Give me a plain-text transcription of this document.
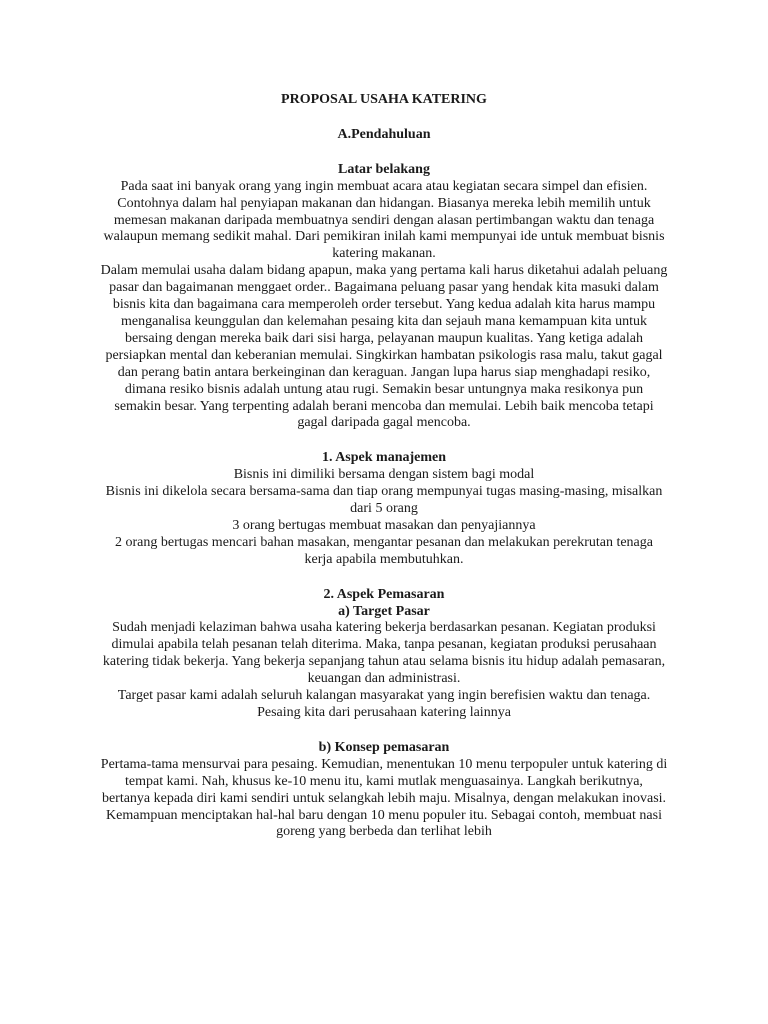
PROPOSAL USAHA KATERING

A.Pendahuluan

Latar belakang

Pada saat ini banyak orang yang ingin membuat acara atau kegiatan secara simpel dan efisien. Contohnya dalam hal penyiapan makanan dan hidangan. Biasanya mereka lebih memilih untuk memesan makanan daripada membuatnya sendiri dengan alasan pertimbangan waktu dan tenaga walaupun memang sedikit mahal. Dari pemikiran inilah kami mempunyai ide untuk membuat bisnis katering makanan.

Dalam memulai usaha dalam bidang apapun, maka yang pertama kali harus diketahui adalah peluang pasar dan bagaimanan menggaet order.. Bagaimana peluang pasar yang hendak kita masuki dalam bisnis kita dan bagaimana cara memperoleh order tersebut. Yang kedua adalah kita harus mampu menganalisa keunggulan dan kelemahan pesaing kita dan sejauh mana kemampuan kita untuk bersaing dengan mereka baik dari sisi harga, pelayanan maupun kualitas. Yang ketiga adalah persiapkan mental dan keberanian memulai. Singkirkan hambatan psikologis rasa malu, takut gagal dan perang batin antara berkeinginan dan keraguan. Jangan lupa harus siap menghadapi resiko, dimana resiko bisnis adalah untung atau rugi. Semakin besar untungnya maka resikonya pun semakin besar. Yang terpenting adalah berani mencoba dan memulai. Lebih baik mencoba tetapi gagal daripada gagal mencoba.

1. Aspek manajemen

Bisnis ini dimiliki bersama dengan sistem bagi modal

Bisnis ini dikelola secara bersama-sama dan tiap orang mempunyai tugas masing-masing, misalkan dari 5 orang

3 orang bertugas membuat masakan dan penyajiannya

2 orang bertugas mencari bahan masakan, mengantar pesanan dan melakukan perekrutan tenaga kerja apabila membutuhkan.

2. Aspek Pemasaran

a) Target Pasar

Sudah menjadi kelaziman bahwa usaha katering bekerja berdasarkan pesanan. Kegiatan produksi dimulai apabila telah pesanan telah diterima. Maka, tanpa pesanan, kegiatan produksi perusahaan katering tidak bekerja. Yang bekerja sepanjang tahun atau selama bisnis itu hidup adalah pemasaran, keuangan dan administrasi.

Target pasar kami adalah seluruh kalangan masyarakat yang ingin berefisien waktu dan tenaga.

Pesaing kita dari perusahaan katering lainnya

b) Konsep pemasaran

Pertama-tama mensurvai para pesaing. Kemudian, menentukan 10 menu terpopuler untuk katering di tempat kami. Nah, khusus ke-10 menu itu, kami mutlak menguasainya. Langkah berikutnya, bertanya kepada diri kami sendiri untuk selangkah lebih maju. Misalnya, dengan melakukan inovasi. Kemampuan menciptakan hal-hal baru dengan 10 menu populer itu. Sebagai contoh, membuat nasi goreng yang berbeda dan terlihat lebih
